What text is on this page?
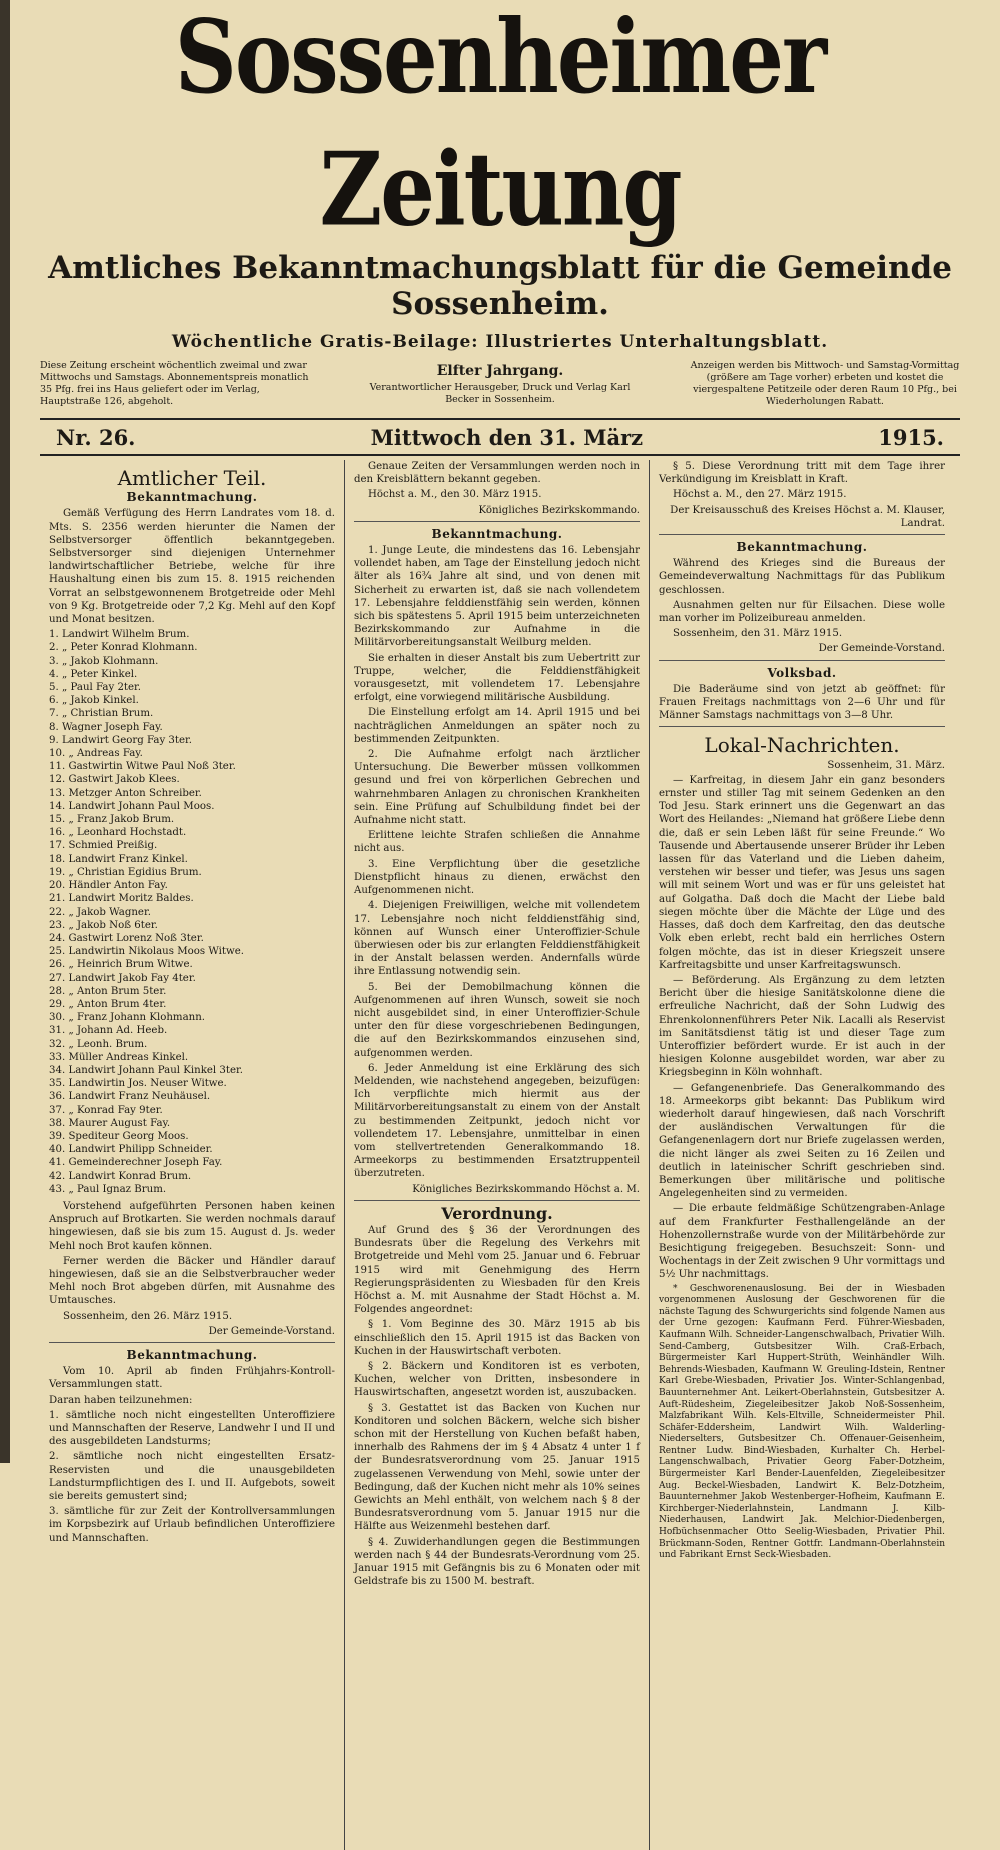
Sossenheimer Zeitung
Amtliches Bekanntmachungsblatt für die Gemeinde Sossenheim.
Wöchentliche Gratis-Beilage: Illustriertes Unterhaltungsblatt.
Diese Zeitung erscheint wöchentlich zweimal und zwar Mittwochs und Samstags. Abonnementspreis monatlich 35 Pfg. frei ins Haus geliefert oder im Verlag, Hauptstraße 126, abgeholt.
Elfter Jahrgang.
Verantwortlicher Herausgeber, Druck und Verlag Karl Becker in Sossenheim.
Anzeigen werden bis Mittwoch- und Samstag-Vormittag (größere am Tage vorher) erbeten und kostet die viergespaltene Petitzeile oder deren Raum 10 Pfg., bei Wiederholungen Rabatt.
Nr. 26.	Mittwoch den 31. März	1915.
Amtlicher Teil.
Bekanntmachung.

Gemäß Verfügung des Herrn Landrates vom 18. d. Mts. S. 2356 werden hierunter die Namen der Selbstversorger öffentlich bekanntgegeben. Selbstversorger sind diejenigen Unternehmer landwirtschaftlicher Betriebe, welche für ihre Haushaltung einen bis zum 15. 8. 1915 reichenden Vorrat an selbstgewonnenem Brotgetreide oder Mehl von 9 Kg. Brotgetreide oder 7,2 Kg. Mehl auf den Kopf und Monat besitzen.

1. Landwirt Wilhelm Brum.
2. „ Peter Konrad Klohmann.
3. „ Jakob Klohmann.
4. „ Peter Kinkel.
5. „ Paul Fay 2ter.
6. „ Jakob Kinkel.
7. „ Christian Brum.
8. Wagner Joseph Fay.
9. Landwirt Georg Fay 3ter.
10. „ Andreas Fay.
11. Gastwirtin Witwe Paul Noß 3ter.
12. Gastwirt Jakob Klees.
13. Metzger Anton Schreiber.
14. Landwirt Johann Paul Moos.
15. „ Franz Jakob Brum.
16. „ Leonhard Hochstadt.
17. Schmied Preißig.
18. Landwirt Franz Kinkel.
19. „ Christian Egidius Brum.
20. Händler Anton Fay.
21. Landwirt Moritz Baldes.
22. „ Jakob Wagner.
23. „ Jakob Noß 6ter.
24. Gastwirt Lorenz Noß 3ter.
25. Landwirtin Nikolaus Moos Witwe.
26. „ Heinrich Brum Witwe.
27. Landwirt Jakob Fay 4ter.
28. „ Anton Brum 5ter.
29. „ Anton Brum 4ter.
30. „ Franz Johann Klohmann.
31. „ Johann Ad. Heeb.
32. „ Leonh. Brum.
33. Müller Andreas Kinkel.
34. Landwirt Johann Paul Kinkel 3ter.
35. Landwirtin Jos. Neuser Witwe.
36. Landwirt Franz Neuhäusel.
37. „ Konrad Fay 9ter.
38. Maurer August Fay.
39. Spediteur Georg Moos.
40. Landwirt Philipp Schneider.
41. Gemeinderechner Joseph Fay.
42. Landwirt Konrad Brum.
43. „ Paul Ignaz Brum.

Vorstehend aufgeführten Personen haben keinen Anspruch auf Brotkarten. Sie werden nochmals darauf hingewiesen, daß sie bis zum 15. August d. Js. weder Mehl noch Brot kaufen können.

Ferner werden die Bäcker und Händler darauf hingewiesen, daß sie an die Selbstverbraucher weder Mehl noch Brot abgeben dürfen, mit Ausnahme des Umtausches.

Sossenheim, den 26. März 1915.

Der Gemeinde-Vorstand.

Bekanntmachung.

Vom 10. April ab finden Frühjahrs-Kontroll-Versammlungen statt.

Daran haben teilzunehmen:

1. sämtliche noch nicht eingestellten Unteroffiziere und Mannschaften der Reserve, Landwehr I und II und des ausgebildeten Landsturms;

2. sämtliche noch nicht eingestellten Ersatz-Reservisten und die unausgebildeten Landsturmpflichtigen des I. und II. Aufgebots, soweit sie bereits gemustert sind;

3. sämtliche für zur Zeit der Kontrollversammlungen im Korpsbezirk auf Urlaub befindlichen Unteroffiziere und Mannschaften.

Genaue Zeiten der Versammlungen werden noch in den Kreisblättern bekannt gegeben.

Höchst a. M., den 30. März 1915.

Königliches Bezirkskommando.

Bekanntmachung.

1. Junge Leute, die mindestens das 16. Lebensjahr vollendet haben, am Tage der Einstellung jedoch nicht älter als 16¾ Jahre alt sind, und von denen mit Sicherheit zu erwarten ist, daß sie nach vollendetem 17. Lebensjahre felddienstfähig sein werden, können sich bis spätestens 5. April 1915 beim unterzeichneten Bezirkskommando zur Aufnahme in die Militärvorbereitungsanstalt Weilburg melden.

Sie erhalten in dieser Anstalt bis zum Uebertritt zur Truppe, welcher, die Felddienstfähigkeit vorausgesetzt, mit vollendetem 17. Lebensjahre erfolgt, eine vorwiegend militärische Ausbildung.

Die Einstellung erfolgt am 14. April 1915 und bei nachträglichen Anmeldungen an später noch zu bestimmenden Zeitpunkten.

2. Die Aufnahme erfolgt nach ärztlicher Untersuchung. Die Bewerber müssen vollkommen gesund und frei von körperlichen Gebrechen und wahrnehmbaren Anlagen zu chronischen Krankheiten sein. Eine Prüfung auf Schulbildung findet bei der Aufnahme nicht statt.

Erlittene leichte Strafen schließen die Annahme nicht aus.

3. Eine Verpflichtung über die gesetzliche Dienstpflicht hinaus zu dienen, erwächst den Aufgenommenen nicht.

4. Diejenigen Freiwilligen, welche mit vollendetem 17. Lebensjahre noch nicht felddienstfähig sind, können auf Wunsch einer Unteroffizier-Schule überwiesen oder bis zur erlangten Felddienstfähigkeit in der Anstalt belassen werden. Andernfalls würde ihre Entlassung notwendig sein.

5. Bei der Demobilmachung können die Aufgenommenen auf ihren Wunsch, soweit sie noch nicht ausgebildet sind, in einer Unteroffizier-Schule unter den für diese vorgeschriebenen Bedingungen, die auf den Bezirkskommandos einzusehen sind, aufgenommen werden.

6. Jeder Anmeldung ist eine Erklärung des sich Meldenden, wie nachstehend angegeben, beizufügen: Ich verpflichte mich hiermit aus der Militärvorbereitungsanstalt zu einem von der Anstalt zu bestimmenden Zeitpunkt, jedoch nicht vor vollendetem 17. Lebensjahre, unmittelbar in einen vom stellvertretenden Generalkommando 18. Armeekorps zu bestimmenden Ersatztruppenteil überzutreten.

Königliches Bezirkskommando Höchst a. M.

Verordnung.

Auf Grund des § 36 der Verordnungen des Bundesrats über die Regelung des Verkehrs mit Brotgetreide und Mehl vom 25. Januar und 6. Februar 1915 wird mit Genehmigung des Herrn Regierungspräsidenten zu Wiesbaden für den Kreis Höchst a. M. mit Ausnahme der Stadt Höchst a. M. Folgendes angeordnet:

§ 1. Vom Beginne des 30. März 1915 ab bis einschließlich den 15. April 1915 ist das Backen von Kuchen in der Hauswirtschaft verboten.

§ 2. Bäckern und Konditoren ist es verboten, Kuchen, welcher von Dritten, insbesondere in Hauswirtschaften, angesetzt worden ist, auszubacken.

§ 3. Gestattet ist das Backen von Kuchen nur Konditoren und solchen Bäckern, welche sich bisher schon mit der Herstellung von Kuchen befaßt haben, innerhalb des Rahmens der im § 4 Absatz 4 unter 1 f der Bundesratsverordnung vom 25. Januar 1915 zugelassenen Verwendung von Mehl, sowie unter der Bedingung, daß der Kuchen nicht mehr als 10% seines Gewichts an Mehl enthält, von welchem nach § 8 der Bundesratsverordnung vom 5. Januar 1915 nur die Hälfte aus Weizenmehl bestehen darf.

§ 4. Zuwiderhandlungen gegen die Bestimmungen werden nach § 44 der Bundesrats-Verordnung vom 25. Januar 1915 mit Gefängnis bis zu 6 Monaten oder mit Geldstrafe bis zu 1500 M. bestraft.

§ 5. Diese Verordnung tritt mit dem Tage ihrer Verkündigung im Kreisblatt in Kraft.

Höchst a. M., den 27. März 1915.

Der Kreisausschuß des Kreises Höchst a. M. Klauser, Landrat.

Bekanntmachung.

Während des Krieges sind die Bureaus der Gemeindeverwaltung Nachmittags für das Publikum geschlossen.

Ausnahmen gelten nur für Eilsachen. Diese wolle man vorher im Polizeibureau anmelden.

Sossenheim, den 31. März 1915.

Der Gemeinde-Vorstand.

Volksbad.

Die Baderäume sind von jetzt ab geöffnet: für Frauen Freitags nachmittags von 2—6 Uhr und für Männer Samstags nachmittags von 3—8 Uhr.

Lokal-Nachrichten.

Sossenheim, 31. März.

— Karfreitag, in diesem Jahr ein ganz besonders ernster und stiller Tag mit seinem Gedenken an den Tod Jesu. Stark erinnert uns die Gegenwart an das Wort des Heilandes: „Niemand hat größere Liebe denn die, daß er sein Leben läßt für seine Freunde.“ Wo Tausende und Abertausende unserer Brüder ihr Leben lassen für das Vaterland und die Lieben daheim, verstehen wir besser und tiefer, was Jesus uns sagen will mit seinem Wort und was er für uns geleistet hat auf Golgatha. Daß doch die Macht der Liebe bald siegen möchte über die Mächte der Lüge und des Hasses, daß doch dem Karfreitag, den das deutsche Volk eben erlebt, recht bald ein herrliches Ostern folgen möchte, das ist in dieser Kriegszeit unsere Karfreitagsbitte und unser Karfreitagswunsch.

— Beförderung. Als Ergänzung zu dem letzten Bericht über die hiesige Sanitätskolonne diene die erfreuliche Nachricht, daß der Sohn Ludwig des Ehrenkolonnenführers Peter Nik. Lacalli als Reservist im Sanitätsdienst tätig ist und dieser Tage zum Unteroffizier befördert wurde. Er ist auch in der hiesigen Kolonne ausgebildet worden, war aber zu Kriegsbeginn in Köln wohnhaft.

— Gefangenenbriefe. Das Generalkommando des 18. Armeekorps gibt bekannt: Das Publikum wird wiederholt darauf hingewiesen, daß nach Vorschrift der ausländischen Verwaltungen für die Gefangenenlagern dort nur Briefe zugelassen werden, die nicht länger als zwei Seiten zu 16 Zeilen und deutlich in lateinischer Schrift geschrieben sind. Bemerkungen über militärische und politische Angelegenheiten sind zu vermeiden.

— Die erbaute feldmäßige Schützengraben-Anlage auf dem Frankfurter Festhallengelände an der Hohenzollernstraße wurde von der Militärbehörde zur Besichtigung freigegeben. Besuchszeit: Sonn- und Wochentags in der Zeit zwischen 9 Uhr vormittags und 5½ Uhr nachmittags.

* Geschworenenauslosung. Bei der in Wiesbaden vorgenommenen Auslosung der Geschworenen für die nächste Tagung des Schwurgerichts sind folgende Namen aus der Urne gezogen: Kaufmann Ferd. Führer-Wiesbaden, Kaufmann Wilh. Schneider-Langenschwalbach, Privatier Wilh. Send-Camberg, Gutsbesitzer Wilh. Craß-Erbach, Bürgermeister Karl Huppert-Strüth, Weinhändler Wilh. Behrends-Wiesbaden, Kaufmann W. Greuling-Idstein, Rentner Karl Grebe-Wiesbaden, Privatier Jos. Winter-Schlangenbad, Bauunternehmer Ant. Leikert-Oberlahnstein, Gutsbesitzer A. Auft-Rüdesheim, Ziegeleibesitzer Jakob Noß-Sossenheim, Malzfabrikant Wilh. Kels-Eltville, Schneidermeister Phil. Schäfer-Eddersheim, Landwirt Wilh. Walderling-Niederselters, Gutsbesitzer Ch. Offenauer-Geisenheim, Rentner Ludw. Bind-Wiesbaden, Kurhalter Ch. Herbel-Langenschwalbach, Privatier Georg Faber-Dotzheim, Bürgermeister Karl Bender-Lauenfelden, Ziegeleibesitzer Aug. Beckel-Wiesbaden, Landwirt K. Belz-Dotzheim, Bauunternehmer Jakob Westenberger-Hofheim, Kaufmann E. Kirchberger-Niederlahnstein, Landmann J. Kilb-Niederhausen, Landwirt Jak. Melchior-Diedenbergen, Hofbüchsenmacher Otto Seelig-Wiesbaden, Privatier Phil. Brückmann-Soden, Rentner Gottfr. Landmann-Oberlahnstein und Fabrikant Ernst Seck-Wiesbaden.
